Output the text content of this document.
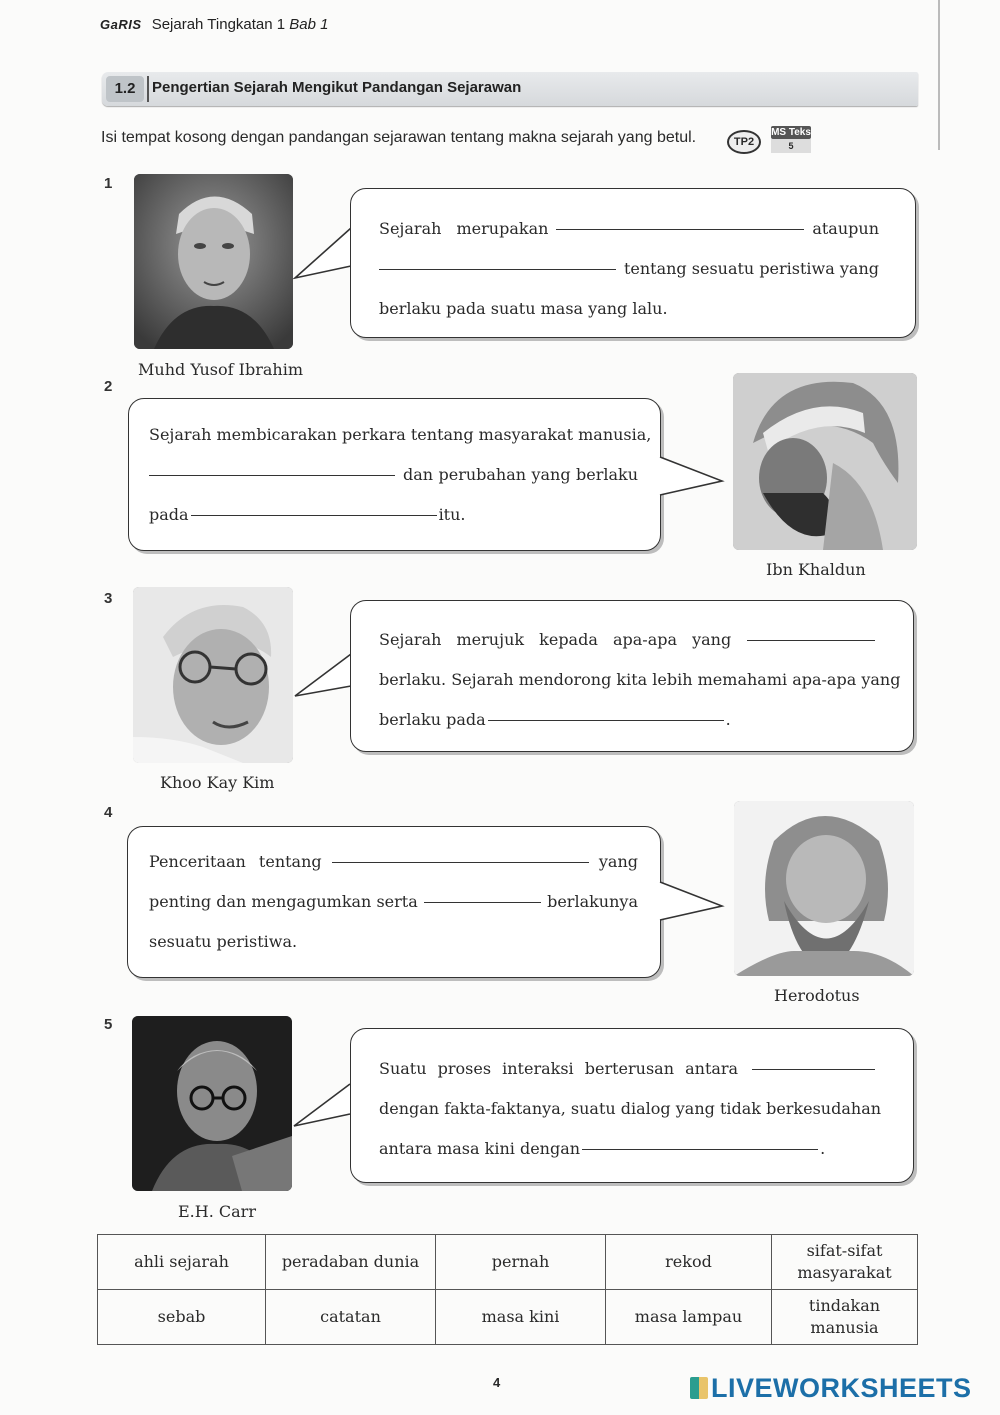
GaRIS Sejarah Tingkatan 1 Bab 1
1.2	Pengertian Sejarah Mengikut Pandangan Sejarawan
Isi tempat kosong dengan pandangan sejarawan tentang makna sejarah yang betul.	TP2
MS Teks
5
1
Muhd Yusof Ibrahim
Sejarah merupakan	ataupun
tentang sesuatu peristiwa yang
berlaku pada suatu masa yang lalu.
2
Sejarah membicarakan perkara tentang masyarakat manusia,
dan perubahan yang berlaku
pada	itu.
Ibn Khaldun
3
Khoo Kay Kim
Sejarah merujuk kepada apa-apa yang
berlaku. Sejarah mendorong kita lebih memahami apa-apa yang
berlaku pada	.
4
Penceritaan tentang	yang
penting dan mengagumkan serta	berlakunya
sesuatu peristiwa.
Herodotus
5
E.H. Carr
Suatu proses interaksi berterusan antara
dengan fakta-faktanya, suatu dialog yang tidak berkesudahan
antara masa kini dengan	.
ahli sejarah	peradaban dunia	pernah	rekod	sifat-sifat masyarakat
sebab	catatan	masa kini	masa lampau	tindakan manusia
4	LIVEWORKSHEETS
